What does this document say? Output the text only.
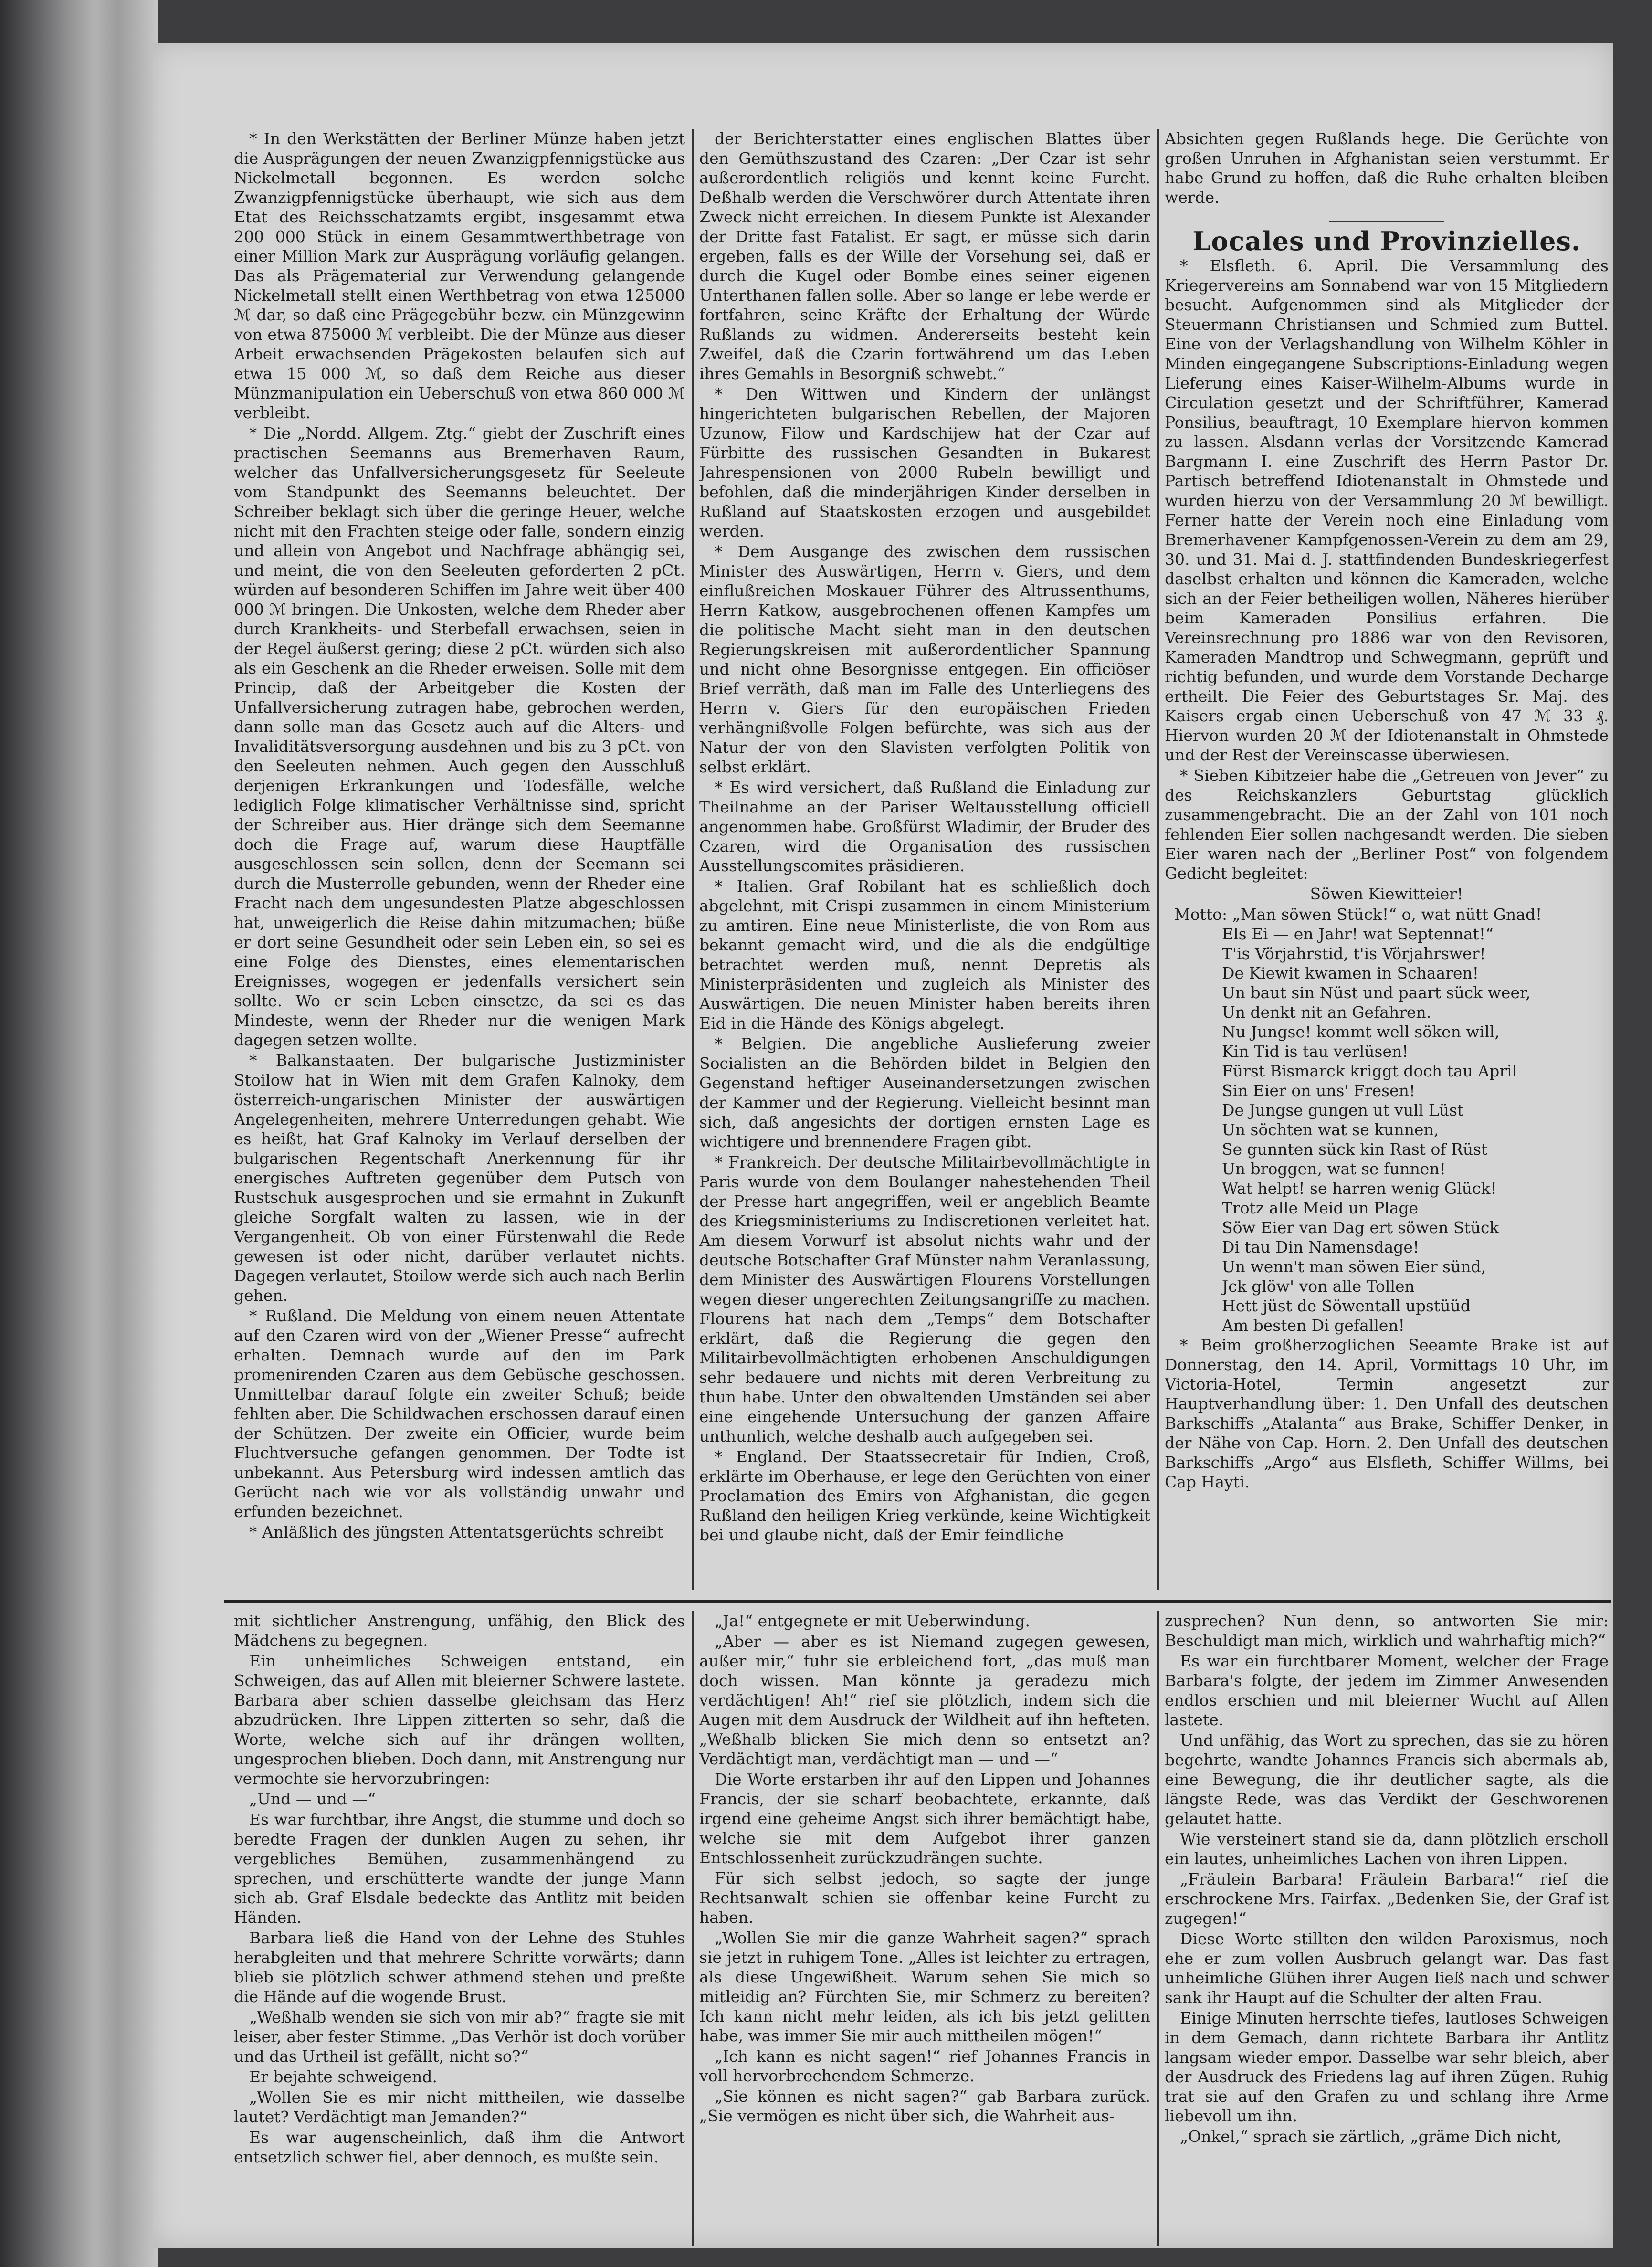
* In den Werkstätten der Berliner Münze haben jetzt die Ausprägungen der neuen Zwanzigpfennigstücke aus Nickelmetall begonnen. Es werden solche Zwanzigpfennigstücke überhaupt, wie sich aus dem Etat des Reichsschatzamts ergibt, insgesammt etwa 200 000 Stück in einem Gesammtwerthbetrage von einer Million Mark zur Ausprägung vorläufig gelangen. Das als Prägematerial zur Verwendung gelangende Nickelmetall stellt einen Werthbetrag von etwa 125000 ℳ dar, so daß eine Prägegebühr bezw. ein Münzgewinn von etwa 875000 ℳ verbleibt. Die der Münze aus dieser Arbeit erwachsenden Prägekosten belaufen sich auf etwa 15 000 ℳ, so daß dem Reiche aus dieser Münzmanipulation ein Ueberschuß von etwa 860 000 ℳ verbleibt.

* Die „Nordd. Allgem. Ztg.“ giebt der Zuschrift eines practischen Seemanns aus Bremerhaven Raum, welcher das Unfallversicherungsgesetz für Seeleute vom Standpunkt des Seemanns beleuchtet. Der Schreiber beklagt sich über die geringe Heuer, welche nicht mit den Frachten steige oder falle, sondern einzig und allein von Angebot und Nachfrage abhängig sei, und meint, die von den Seeleuten geforderten 2 pCt. würden auf besonderen Schiffen im Jahre weit über 400 000 ℳ bringen. Die Unkosten, welche dem Rheder aber durch Krankheits- und Sterbefall erwachsen, seien in der Regel äußerst gering; diese 2 pCt. würden sich also als ein Geschenk an die Rheder erweisen. Solle mit dem Princip, daß der Arbeitgeber die Kosten der Unfallversicherung zutragen habe, gebrochen werden, dann solle man das Gesetz auch auf die Alters- und Invaliditätsversorgung ausdehnen und bis zu 3 pCt. von den Seeleuten nehmen. Auch gegen den Ausschluß derjenigen Erkrankungen und Todesfälle, welche lediglich Folge klimatischer Verhältnisse sind, spricht der Schreiber aus. Hier dränge sich dem Seemanne doch die Frage auf, warum diese Hauptfälle ausgeschlossen sein sollen, denn der Seemann sei durch die Musterrolle gebunden, wenn der Rheder eine Fracht nach dem ungesundesten Platze abgeschlossen hat, unweigerlich die Reise dahin mitzumachen; büße er dort seine Gesundheit oder sein Leben ein, so sei es eine Folge des Dienstes, eines elementarischen Ereignisses, wogegen er jedenfalls versichert sein sollte. Wo er sein Leben einsetze, da sei es das Mindeste, wenn der Rheder nur die wenigen Mark dagegen setzen wollte.

* Balkanstaaten. Der bulgarische Justizminister Stoilow hat in Wien mit dem Grafen Kalnoky, dem österreich-ungarischen Minister der auswärtigen Angelegenheiten, mehrere Unterredungen gehabt. Wie es heißt, hat Graf Kalnoky im Verlauf derselben der bulgarischen Regentschaft Anerkennung für ihr energisches Auftreten gegenüber dem Putsch von Rustschuk ausgesprochen und sie ermahnt in Zukunft gleiche Sorgfalt walten zu lassen, wie in der Vergangenheit. Ob von einer Fürstenwahl die Rede gewesen ist oder nicht, darüber verlautet nichts. Dagegen verlautet, Stoilow werde sich auch nach Berlin gehen.

* Rußland. Die Meldung von einem neuen Attentate auf den Czaren wird von der „Wiener Presse“ aufrecht erhalten. Demnach wurde auf den im Park promenirenden Czaren aus dem Gebüsche geschossen. Unmittelbar darauf folgte ein zweiter Schuß; beide fehlten aber. Die Schildwachen erschossen darauf einen der Schützen. Der zweite ein Officier, wurde beim Fluchtversuche gefangen genommen. Der Todte ist unbekannt. Aus Petersburg wird indessen amtlich das Gerücht nach wie vor als vollständig unwahr und erfunden bezeichnet.

* Anläßlich des jüngsten Attentatsgerüchts schreibt

der Berichterstatter eines englischen Blattes über den Gemüthszustand des Czaren: „Der Czar ist sehr außerordentlich religiös und kennt keine Furcht. Deßhalb werden die Verschwörer durch Attentate ihren Zweck nicht erreichen. In diesem Punkte ist Alexander der Dritte fast Fatalist. Er sagt, er müsse sich darin ergeben, falls es der Wille der Vorsehung sei, daß er durch die Kugel oder Bombe eines seiner eigenen Unterthanen fallen solle. Aber so lange er lebe werde er fortfahren, seine Kräfte der Erhaltung der Würde Rußlands zu widmen. Andererseits besteht kein Zweifel, daß die Czarin fortwährend um das Leben ihres Gemahls in Besorgniß schwebt.“

* Den Wittwen und Kindern der unlängst hingerichteten bulgarischen Rebellen, der Majoren Uzunow, Filow und Kardschijew hat der Czar auf Fürbitte des russischen Gesandten in Bukarest Jahrespensionen von 2000 Rubeln bewilligt und befohlen, daß die minderjährigen Kinder derselben in Rußland auf Staatskosten erzogen und ausgebildet werden.

* Dem Ausgange des zwischen dem russischen Minister des Auswärtigen, Herrn v. Giers, und dem einflußreichen Moskauer Führer des Altrussenthums, Herrn Katkow, ausgebrochenen offenen Kampfes um die politische Macht sieht man in den deutschen Regierungskreisen mit außerordentlicher Spannung und nicht ohne Besorgnisse entgegen. Ein officiöser Brief verräth, daß man im Falle des Unterliegens des Herrn v. Giers für den europäischen Frieden verhängnißvolle Folgen befürchte, was sich aus der Natur der von den Slavisten verfolgten Politik von selbst erklärt.

* Es wird versichert, daß Rußland die Einladung zur Theilnahme an der Pariser Weltausstellung officiell angenommen habe. Großfürst Wladimir, der Bruder des Czaren, wird die Organisation des russischen Ausstellungscomites präsidieren.

* Italien. Graf Robilant hat es schließlich doch abgelehnt, mit Crispi zusammen in einem Ministerium zu amtiren. Eine neue Ministerliste, die von Rom aus bekannt gemacht wird, und die als die endgültige betrachtet werden muß, nennt Depretis als Ministerpräsidenten und zugleich als Minister des Auswärtigen. Die neuen Minister haben bereits ihren Eid in die Hände des Königs abgelegt.

* Belgien. Die angebliche Auslieferung zweier Socialisten an die Behörden bildet in Belgien den Gegenstand heftiger Auseinandersetzungen zwischen der Kammer und der Regierung. Vielleicht besinnt man sich, daß angesichts der dortigen ernsten Lage es wichtigere und brennendere Fragen gibt.

* Frankreich. Der deutsche Militairbevollmächtigte in Paris wurde von dem Boulanger nahestehenden Theil der Presse hart angegriffen, weil er angeblich Beamte des Kriegsministeriums zu Indiscretionen verleitet hat. Am diesem Vorwurf ist absolut nichts wahr und der deutsche Botschafter Graf Münster nahm Veranlassung, dem Minister des Auswärtigen Flourens Vorstellungen wegen dieser ungerechten Zeitungsangriffe zu machen. Flourens hat nach dem „Temps“ dem Botschafter erklärt, daß die Regierung die gegen den Militairbevollmächtigten erhobenen Anschuldigungen sehr bedauere und nichts mit deren Verbreitung zu thun habe. Unter den obwaltenden Umständen sei aber eine eingehende Untersuchung der ganzen Affaire unthunlich, welche deshalb auch aufgegeben sei.

* England. Der Staatssecretair für Indien, Croß, erklärte im Oberhause, er lege den Gerüchten von einer Proclamation des Emirs von Afghanistan, die gegen Rußland den heiligen Krieg verkünde, keine Wichtigkeit bei und glaube nicht, daß der Emir feindliche

Absichten gegen Rußlands hege. Die Gerüchte von großen Unruhen in Afghanistan seien verstummt. Er habe Grund zu hoffen, daß die Ruhe erhalten bleiben werde.

Locales und Provinzielles.

* Elsfleth. 6. April. Die Versammlung des Kriegervereins am Sonnabend war von 15 Mitgliedern besucht. Aufgenommen sind als Mitglieder der Steuermann Christiansen und Schmied zum Buttel. Eine von der Verlagshandlung von Wilhelm Köhler in Minden eingegangene Subscriptions-Einladung wegen Lieferung eines Kaiser-Wilhelm-Albums wurde in Circulation gesetzt und der Schriftführer, Kamerad Ponsilius, beauftragt, 10 Exemplare hiervon kommen zu lassen. Alsdann verlas der Vorsitzende Kamerad Bargmann I. eine Zuschrift des Herrn Pastor Dr. Partisch betreffend Idiotenanstalt in Ohmstede und wurden hierzu von der Versammlung 20 ℳ bewilligt. Ferner hatte der Verein noch eine Einladung vom Bremerhavener Kampfgenossen-Verein zu dem am 29, 30. und 31. Mai d. J. stattfindenden Bundeskriegerfest daselbst erhalten und können die Kameraden, welche sich an der Feier betheiligen wollen, Näheres hierüber beim Kameraden Ponsilius erfahren. Die Vereinsrechnung pro 1886 war von den Revisoren, Kameraden Mandtrop und Schwegmann, geprüft und richtig befunden, und wurde dem Vorstande Decharge ertheilt. Die Feier des Geburtstages Sr. Maj. des Kaisers ergab einen Ueberschuß von 47 ℳ 33 ₰. Hiervon wurden 20 ℳ der Idiotenanstalt in Ohmstede und der Rest der Vereinscasse überwiesen.

* Sieben Kibitzeier habe die „Getreuen von Jever“ zu des Reichskanzlers Geburtstag glücklich zusammengebracht. Die an der Zahl von 101 noch fehlenden Eier sollen nachgesandt werden. Die sieben Eier waren nach der „Berliner Post“ von folgendem Gedicht begleitet:

Söwen Kiewitteier!

Motto: „Man söwen Stück!“ o, wat nütt Gnad!

Els Ei — en Jahr! wat Septennat!“

T'is Vörjahrstid, t'is Vörjahrswer!

De Kiewit kwamen in Schaaren!

Un baut sin Nüst und paart sück weer,

Un denkt nit an Gefahren.

Nu Jungse! kommt well söken will,

Kin Tid is tau verlüsen!

Fürst Bismarck kriggt doch tau April

Sin Eier on uns' Fresen!

De Jungse gungen ut vull Lüst

Un söchten wat se kunnen,

Se gunnten sück kin Rast of Rüst

Un broggen, wat se funnen!

Wat helpt! se harren wenig Glück!

Trotz alle Meid un Plage

Söw Eier van Dag ert söwen Stück

Di tau Din Namensdage!

Un wenn't man söwen Eier sünd,

Jck glöw' von alle Tollen

Hett jüst de Söwentall upstüüd

Am besten Di gefallen!

* Beim großherzoglichen Seeamte Brake ist auf Donnerstag, den 14. April, Vormittags 10 Uhr, im Victoria-Hotel, Termin angesetzt zur Hauptverhandlung über: 1. Den Unfall des deutschen Barkschiffs „Atalanta“ aus Brake, Schiffer Denker, in der Nähe von Cap. Horn. 2. Den Unfall des deutschen Barkschiffs „Argo“ aus Elsfleth, Schiffer Willms, bei Cap Hayti.

mit sichtlicher Anstrengung, unfähig, den Blick des Mädchens zu begegnen.

Ein unheimliches Schweigen entstand, ein Schweigen, das auf Allen mit bleierner Schwere lastete. Barbara aber schien dasselbe gleichsam das Herz abzudrücken. Ihre Lippen zitterten so sehr, daß die Worte, welche sich auf ihr drängen wollten, ungesprochen blieben. Doch dann, mit Anstrengung nur vermochte sie hervorzubringen:

„Und — und —“

Es war furchtbar, ihre Angst, die stumme und doch so beredte Fragen der dunklen Augen zu sehen, ihr vergebliches Bemühen, zusammenhängend zu sprechen, und erschütterte wandte der junge Mann sich ab. Graf Elsdale bedeckte das Antlitz mit beiden Händen.

Barbara ließ die Hand von der Lehne des Stuhles herabgleiten und that mehrere Schritte vorwärts; dann blieb sie plötzlich schwer athmend stehen und preßte die Hände auf die wogende Brust.

„Weßhalb wenden sie sich von mir ab?“ fragte sie mit leiser, aber fester Stimme. „Das Verhör ist doch vorüber und das Urtheil ist gefällt, nicht so?“

Er bejahte schweigend.

„Wollen Sie es mir nicht mittheilen, wie dasselbe lautet? Verdächtigt man Jemanden?“

Es war augenscheinlich, daß ihm die Antwort entsetzlich schwer fiel, aber dennoch, es mußte sein.

„Ja!“ entgegnete er mit Ueberwindung.

„Aber — aber es ist Niemand zugegen gewesen, außer mir,“ fuhr sie erbleichend fort, „das muß man doch wissen. Man könnte ja geradezu mich verdächtigen! Ah!“ rief sie plötzlich, indem sich die Augen mit dem Ausdruck der Wildheit auf ihn hefteten. „Weßhalb blicken Sie mich denn so entsetzt an? Verdächtigt man, verdächtigt man — und —“

Die Worte erstarben ihr auf den Lippen und Johannes Francis, der sie scharf beobachtete, erkannte, daß irgend eine geheime Angst sich ihrer bemächtigt habe, welche sie mit dem Aufgebot ihrer ganzen Entschlossenheit zurückzudrängen suchte.

Für sich selbst jedoch, so sagte der junge Rechtsanwalt schien sie offenbar keine Furcht zu haben.

„Wollen Sie mir die ganze Wahrheit sagen?“ sprach sie jetzt in ruhigem Tone. „Alles ist leichter zu ertragen, als diese Ungewißheit. Warum sehen Sie mich so mitleidig an? Fürchten Sie, mir Schmerz zu bereiten? Ich kann nicht mehr leiden, als ich bis jetzt gelitten habe, was immer Sie mir auch mittheilen mögen!“

„Ich kann es nicht sagen!“ rief Johannes Francis in voll hervorbrechendem Schmerze.

„Sie können es nicht sagen?“ gab Barbara zurück. „Sie vermögen es nicht über sich, die Wahrheit aus-

zusprechen? Nun denn, so antworten Sie mir: Beschuldigt man mich, wirklich und wahrhaftig mich?“

Es war ein furchtbarer Moment, welcher der Frage Barbara's folgte, der jedem im Zimmer Anwesenden endlos erschien und mit bleierner Wucht auf Allen lastete.

Und unfähig, das Wort zu sprechen, das sie zu hören begehrte, wandte Johannes Francis sich abermals ab, eine Bewegung, die ihr deutlicher sagte, als die längste Rede, was das Verdikt der Geschworenen gelautet hatte.

Wie versteinert stand sie da, dann plötzlich erscholl ein lautes, unheimliches Lachen von ihren Lippen.

„Fräulein Barbara! Fräulein Barbara!“ rief die erschrockene Mrs. Fairfax. „Bedenken Sie, der Graf ist zugegen!“

Diese Worte stillten den wilden Paroxismus, noch ehe er zum vollen Ausbruch gelangt war. Das fast unheimliche Glühen ihrer Augen ließ nach und schwer sank ihr Haupt auf die Schulter der alten Frau.

Einige Minuten herrschte tiefes, lautloses Schweigen in dem Gemach, dann richtete Barbara ihr Antlitz langsam wieder empor. Dasselbe war sehr bleich, aber der Ausdruck des Friedens lag auf ihren Zügen. Ruhig trat sie auf den Grafen zu und schlang ihre Arme liebevoll um ihn.

„Onkel,“ sprach sie zärtlich, „gräme Dich nicht,
